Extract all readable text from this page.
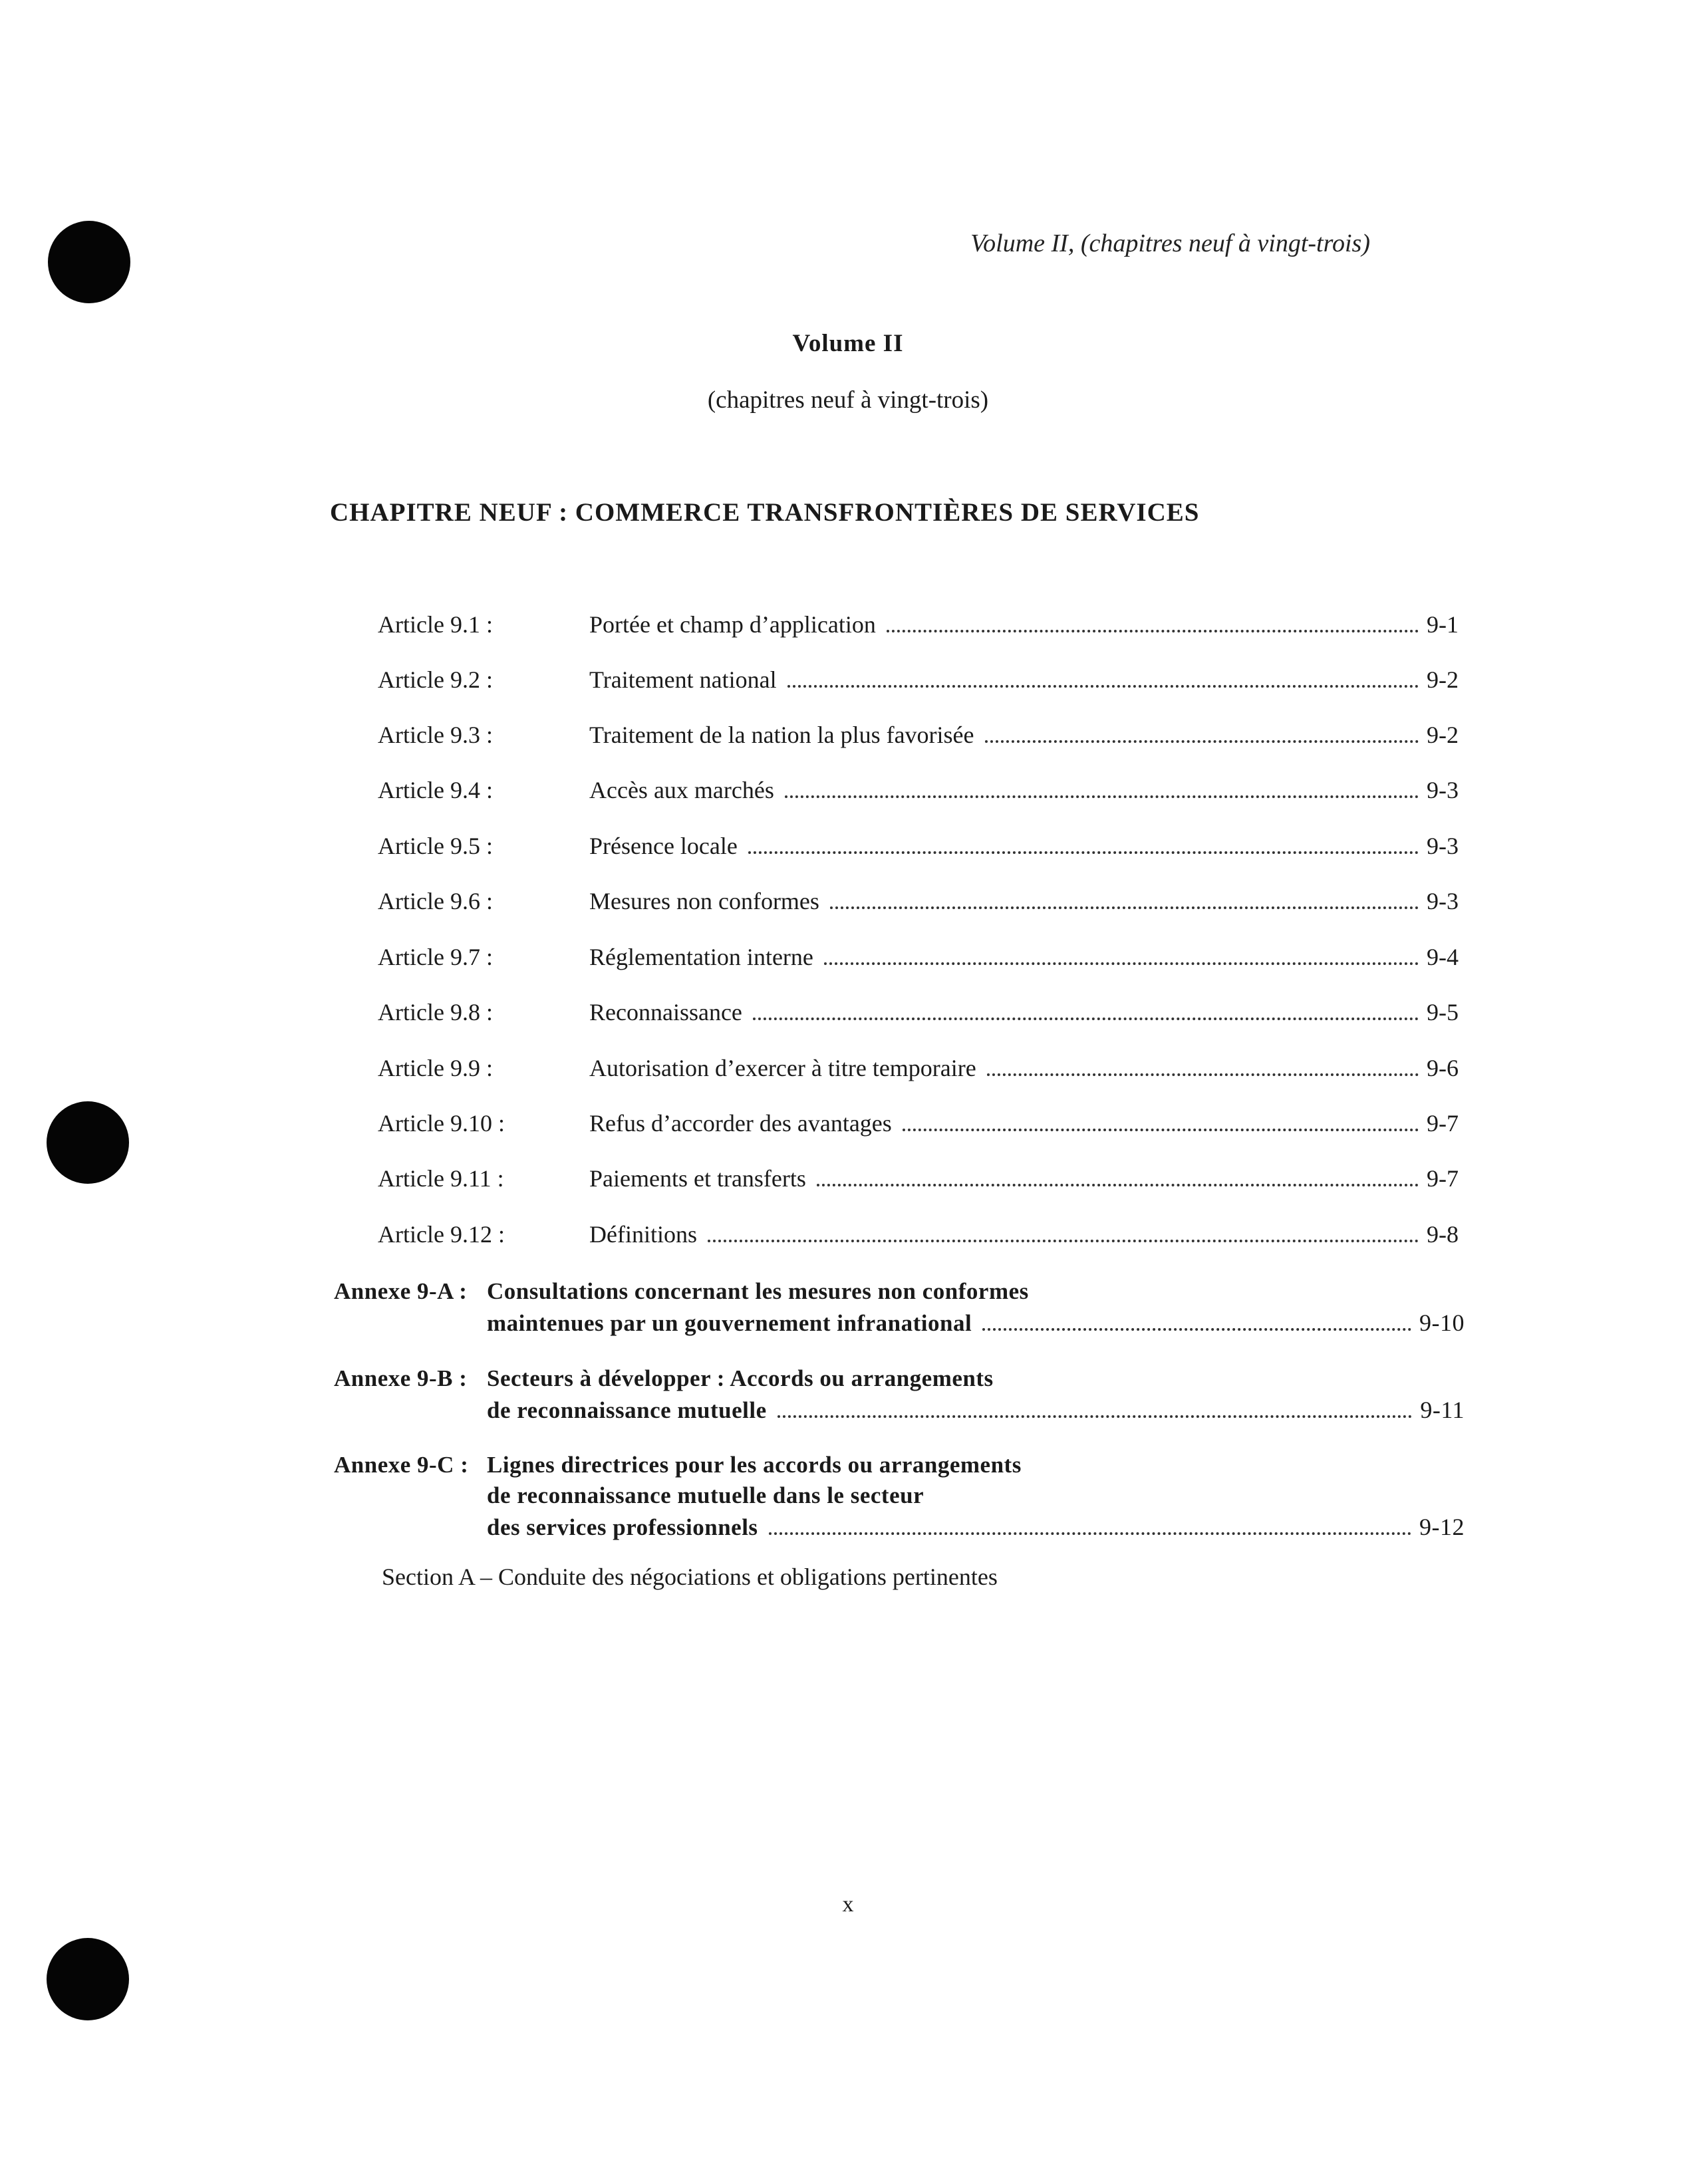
Volume II, (chapitres neuf à vingt-trois)
Volume II
(chapitres neuf à vingt-trois)
CHAPITRE NEUF : COMMERCE TRANSFRONTIÈRES DE SERVICES
Article 9.1 :	Portée et champ d’application	9-1
Article 9.2 :	Traitement national	9-2
Article 9.3 :	Traitement de la nation la plus favorisée	9-2
Article 9.4 :	Accès aux marchés	9-3
Article 9.5 :	Présence locale	9-3
Article 9.6 :	Mesures non conformes	9-3
Article 9.7 :	Réglementation interne	9-4
Article 9.8 :	Reconnaissance	9-5
Article 9.9 :	Autorisation d’exercer à titre temporaire	9-6
Article 9.10 :	Refus d’accorder des avantages	9-7
Article 9.11 :	Paiements et transferts	9-7
Article 9.12 :	Définitions	9-8
Annexe 9-A : Consultations concernant les mesures non conformes
maintenues par un gouvernement infranational	9-10
Annexe 9-B : Secteurs à développer : Accords ou arrangements
de reconnaissance mutuelle	9-11
Annexe 9-C : Lignes directrices pour les accords ou arrangements
de reconnaissance mutuelle dans le secteur
des services professionnels	9-12
Section A – Conduite des négociations et obligations pertinentes
x
